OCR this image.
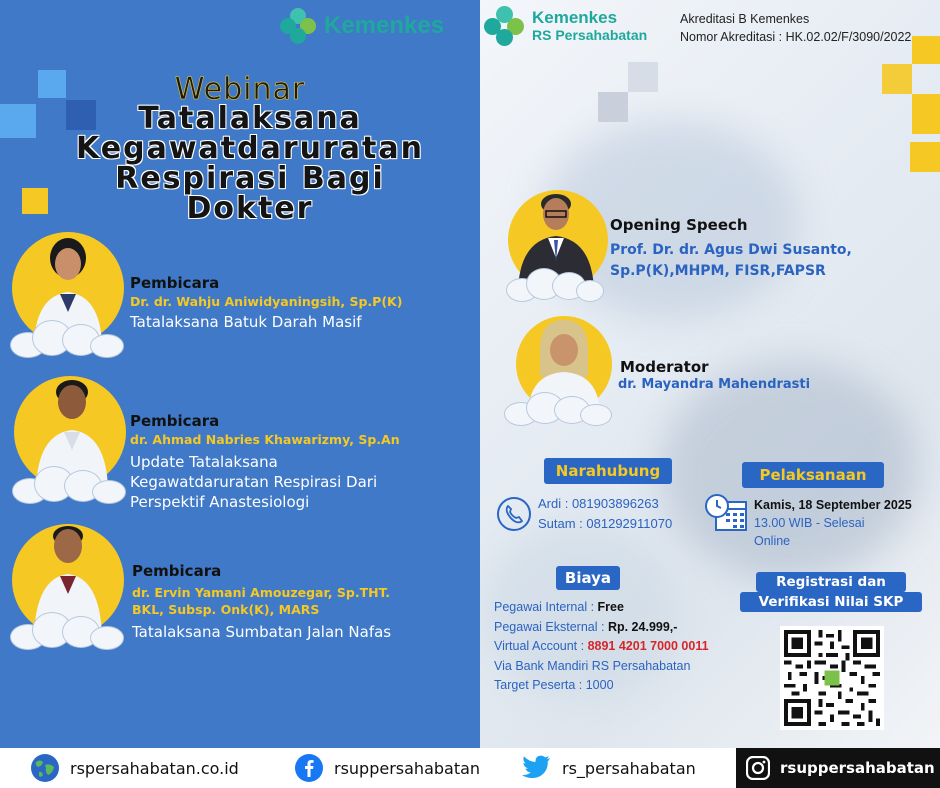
Kemenkes
Webinar
Tatalaksana
Kegawatdaruratan
Respirasi Bagi
Dokter
Pembicara
Dr. dr. Wahju Aniwidyaningsih, Sp.P(K)
Tatalaksana Batuk Darah Masif
Pembicara
dr. Ahmad Nabries Khawarizmy, Sp.An
Update Tatalaksana
Kegawatdaruratan Respirasi Dari
Perspektif Anastesiologi
Pembicara
dr. Ervin Yamani Amouzegar, Sp.THT.
BKL, Subsp. Onk(K), MARS
Tatalaksana Sumbatan Jalan Nafas
Kemenkes
RS Persahabatan
Akreditasi B Kemenkes
Nomor Akreditasi : HK.02.02/F/3090/2022
Opening Speech
Prof. Dr. dr. Agus Dwi Susanto,
Sp.P(K),MHPM, FISR,FAPSR
Moderator
dr. Mayandra Mahendrasti
Narahubung
Ardi : 081903896263
Sutam : 081292911070
Pelaksanaan
Kamis, 18 September 2025
13.00 WIB - Selesai
Online
Biaya
Pegawai Internal : Free
Pegawai Eksternal : Rp. 24.999,-
Virtual Account : 8891 4201 7000 0011
Via Bank Mandiri RS Persahabatan
Target Peserta : 1000
Registrasi dan
Verifikasi Nilai SKP
rspersahabatan.co.id	rsuppersahabatan	rs_persahabatan	rsuppersahabatan
